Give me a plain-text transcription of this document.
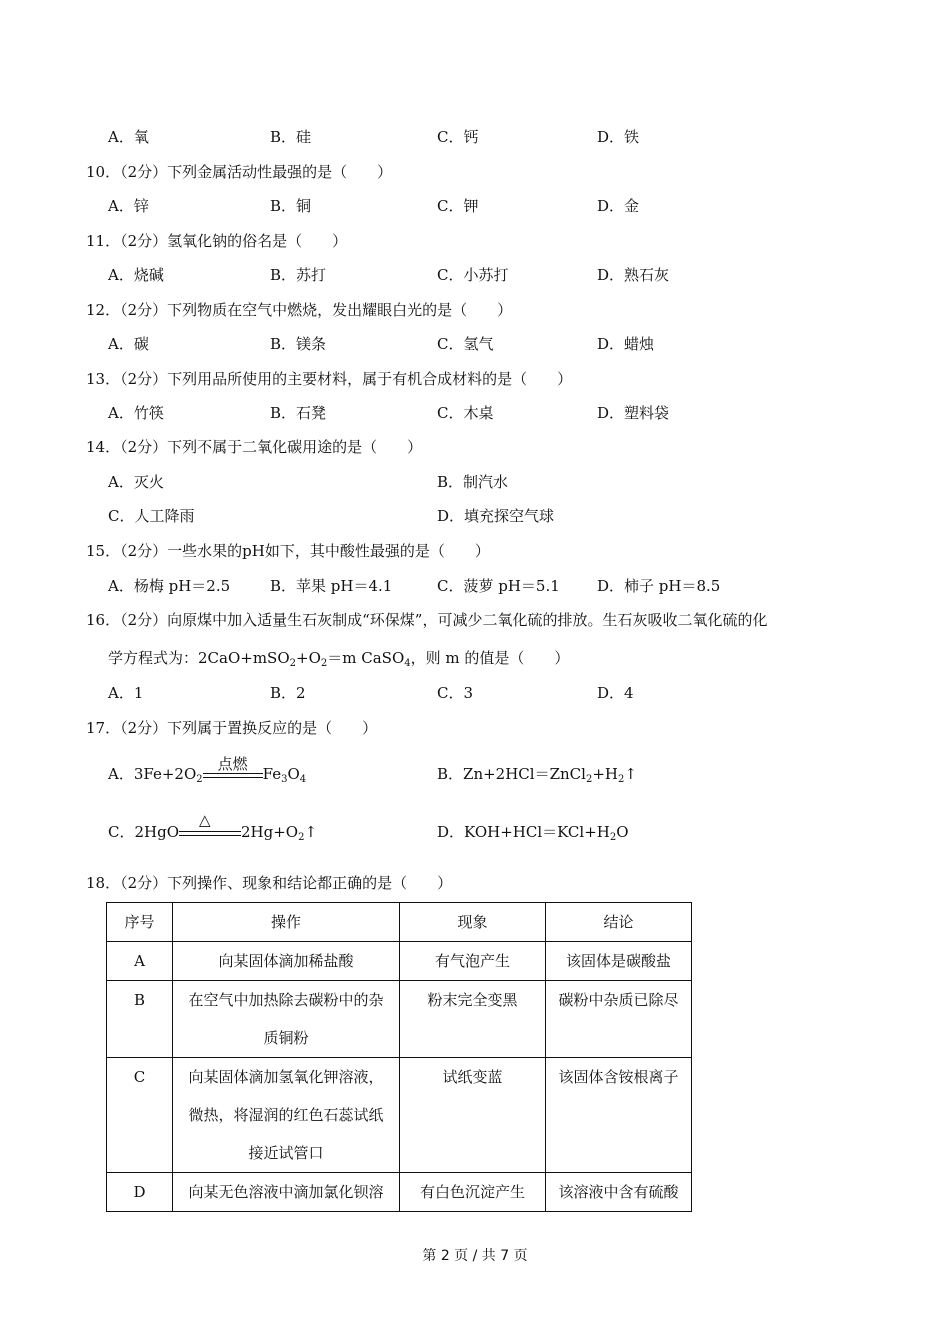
A．氧	B．硅	C．钙	D．铁
10．（2分）下列金属活动性最强的是（　　）
A．锌	B．铜	C．钾	D．金
11．（2分）氢氧化钠的俗名是（　　）
A．烧碱	B．苏打	C．小苏打	D．熟石灰
12．（2分）下列物质在空气中燃烧，发出耀眼白光的是（　　）
A．碳	B．镁条	C．氢气	D．蜡烛
13．（2分）下列用品所使用的主要材料，属于有机合成材料的是（　　）
A．竹筷	B．石凳	C．木桌	D．塑料袋
14．（2分）下列不属于二氧化碳用途的是（　　）
A．灭火	B．制汽水
C．人工降雨	D．填充探空气球
15．（2分）一些水果的pH如下，其中酸性最强的是（　　）
A．杨梅 pH＝2.5	B．苹果 pH＝4.1	C．菠萝 pH＝5.1 D．柿子 pH＝8.5
16．（2分）向原煤中加入适量生石灰制成“环保煤”，可减少二氧化硫的排放。生石灰吸收二氧化硫的化
学方程式为：$2CaO+mSO_2+O_2=m$ CaSO$_4$，则 m 的值是（　　）
A．1	B．2	C．3	D．4
17．（2分）下列属于置换反应的是（　　）
A．$3Fe+2O_2$
点燃
$Fe_3O_4$	B．$Zn+2HCl=ZnCl_2+H_2↑$
C．2HgO
△
$2Hg+O_2↑$	D．$KOH+HCl=KCl+H_2O$
18．（2分）下列操作、现象和结论都正确的是（　　）
序号	操作	现象	结论
A	向某固体滴加稀盐酸	有气泡产生	该固体是碳酸盐
B	在空气中加热除去碳粉中的杂
质铜粉	粉末完全变黑	碳粉中杂质已除尽
C	向某固体滴加氢氧化钾溶液，
微热，将湿润的红色石蕊试纸
接近试管口	试纸变蓝	该固体含铵根离子
D	向某无色溶液中滴加氯化钡溶	有白色沉淀产生	该溶液中含有硫酸
第 2 页 / 共 7 页
